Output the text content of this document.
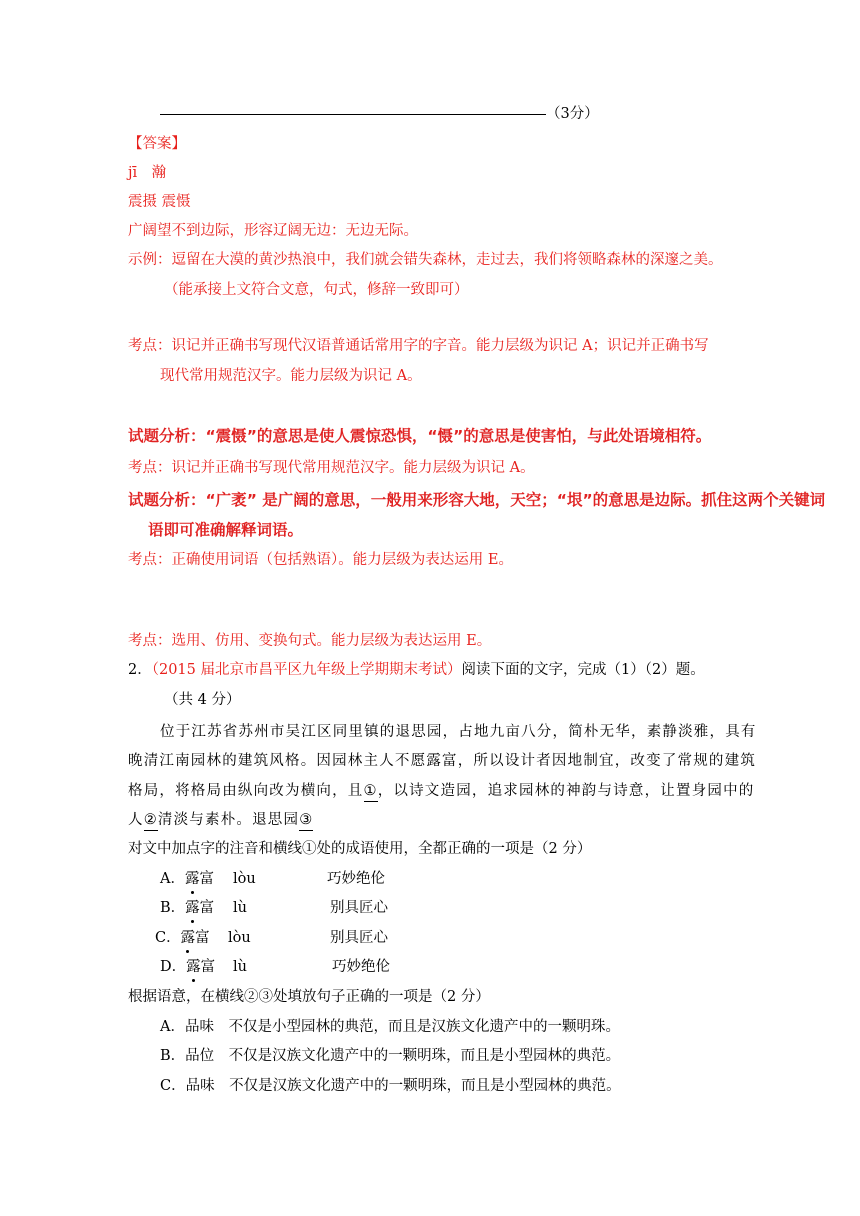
（3分）
【答案】
jī　瀚
震摄 震慑
广阔望不到边际，形容辽阔无边：无边无际。
示例：逗留在大漠的黄沙热浪中，我们就会错失森林，走过去，我们将领略森林的深邃之美。
（能承接上文符合文意，句式，修辞一致即可）
考点：识记并正确书写现代汉语普通话常用字的字音。能力层级为识记 A；识记并正确书写
现代常用规范汉字。能力层级为识记 A。
试题分析：“震慑”的意思是使人震惊恐惧，“慑”的意思是使害怕，与此处语境相符。
考点：识记并正确书写现代常用规范汉字。能力层级为识记 A。
试题分析：“广袤” 是广阔的意思，一般用来形容大地，天空；“垠”的意思是边际。抓住这两个关键词
语即可准确解释词语。
考点：正确使用词语（包括熟语）。能力层级为表达运用 E。
考点：选用、仿用、变换句式。能力层级为表达运用 E。
2．（2015 届北京市昌平区九年级上学期期末考试）阅读下面的文字，完成（1）（2）题。
（共 4 分）
位于江苏省苏州市吴江区同里镇的退思园，占地九亩八分，简朴无华，素静淡雅，具有
晚清江南园林的建筑风格。因园林主人不愿露富，所以设计者因地制宜，改变了常规的建筑
格局，将格局由纵向改为横向，且①，以诗文造园，追求园林的神韵与诗意，让置身园中的
人②清淡与素朴。退思园③
对文中加点字的注音和横线①处的成语使用，全都正确的一项是（2 分）
A．露富 lòu	巧妙绝伦
B．露富 lù	别具匠心
C．露富 lòu	别具匠心
D．露富 lù	巧妙绝伦
根据语意，在横线②③处填放句子正确的一项是（2 分）
A．品味　不仅是小型园林的典范，而且是汉族文化遗产中的一颗明珠。
B．品位　不仅是汉族文化遗产中的一颗明珠，而且是小型园林的典范。
C．品味　不仅是汉族文化遗产中的一颗明珠，而且是小型园林的典范。
